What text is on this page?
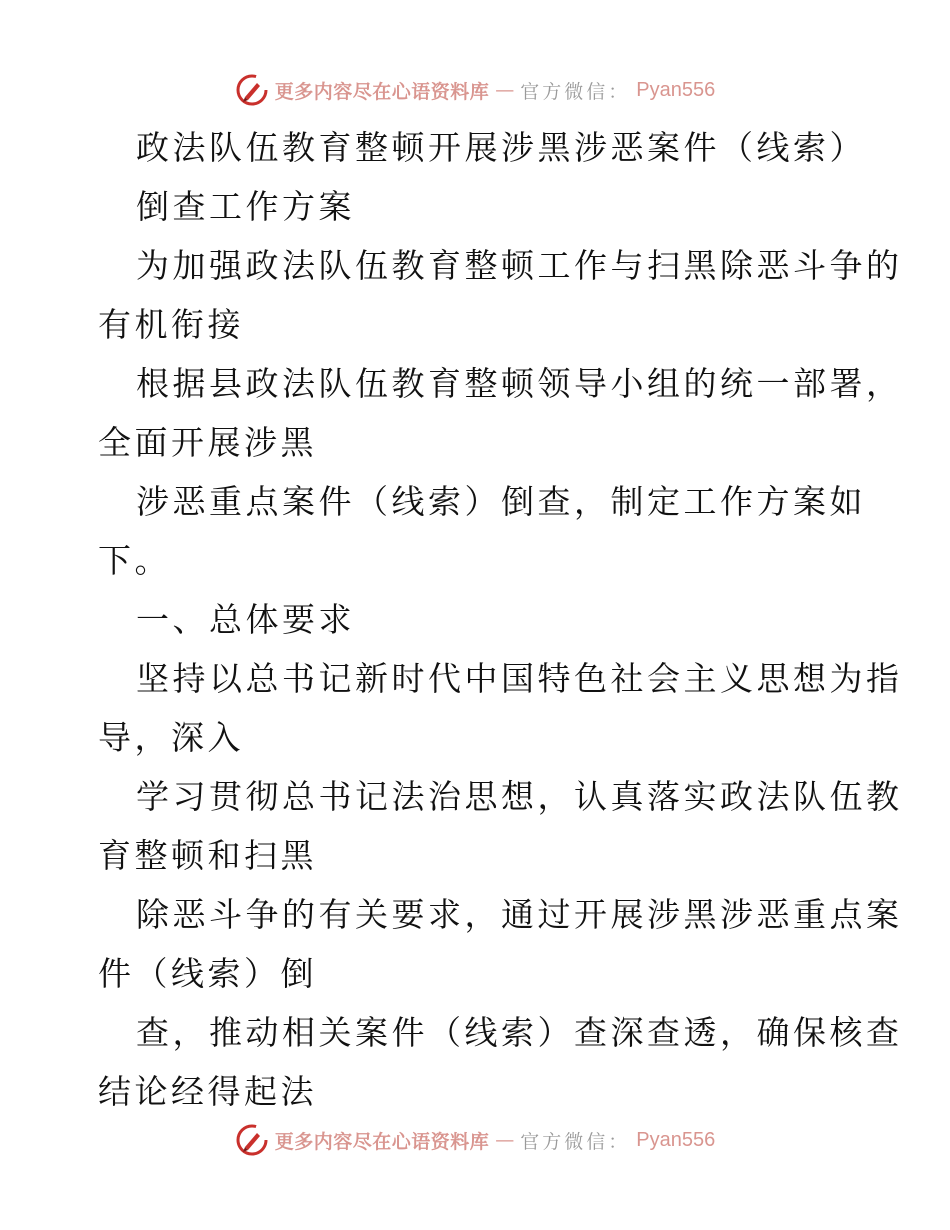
更多内容尽在心语资料库 — 官方微信： Pyan556
政法队伍教育整顿开展涉黑涉恶案件（线索）
倒查工作方案
为加强政法队伍教育整顿工作与扫黑除恶斗争的
有机衔接
根据县政法队伍教育整顿领导小组的统一部署，
全面开展涉黑
涉恶重点案件（线索）倒查，制定工作方案如
下。
一、总体要求
坚持以总书记新时代中国特色社会主义思想为指
导，深入
学习贯彻总书记法治思想，认真落实政法队伍教
育整顿和扫黑
除恶斗争的有关要求，通过开展涉黑涉恶重点案
件（线索）倒
查，推动相关案件（线索）查深查透，确保核查
结论经得起法
更多内容尽在心语资料库 — 官方微信： Pyan556
